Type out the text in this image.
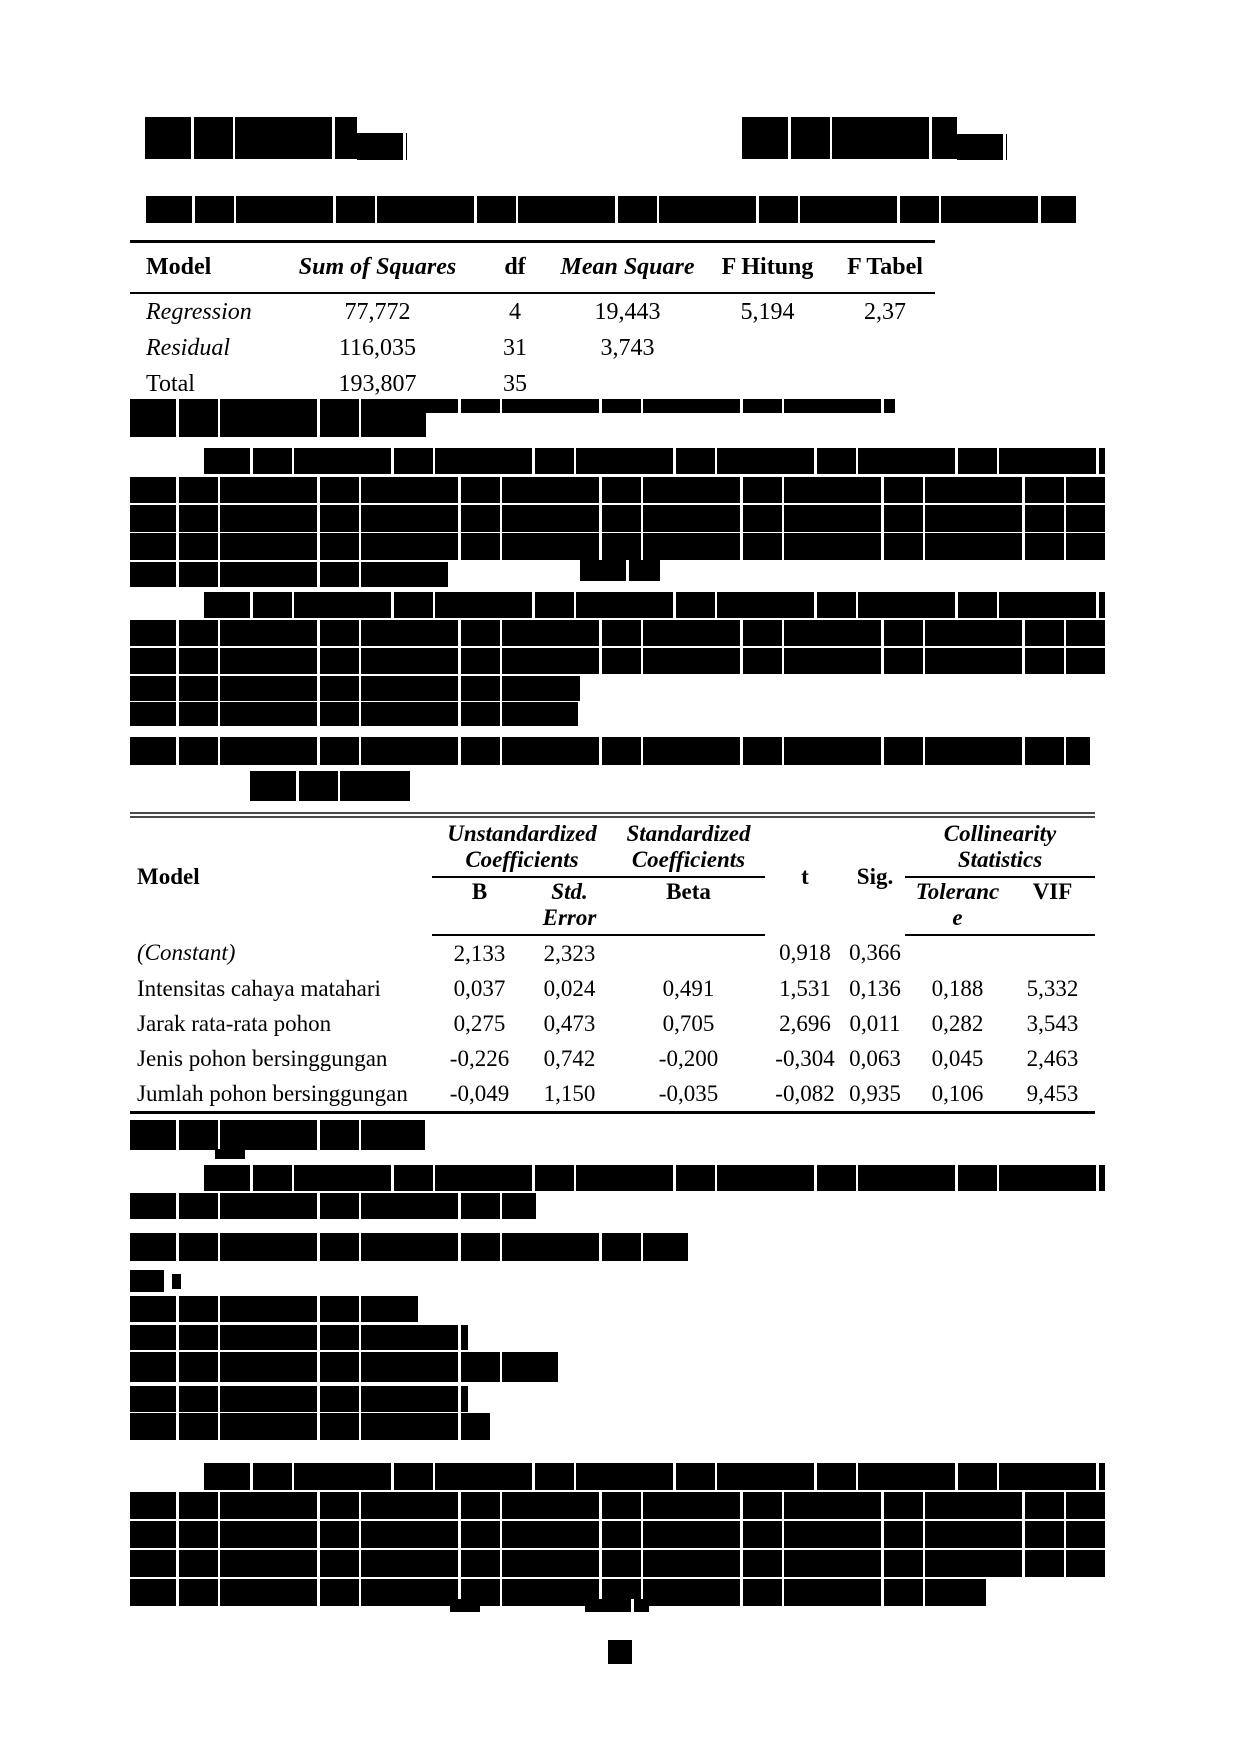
Model	Sum of Squares	df	Mean Square	F Hitung	F Tabel
Regression	77,772	4	19,443	5,194	2,37
Residual	116,035	31	3,743		
Total	193,807	35			
Model	Unstandardized Coefficients		Standardized Coefficients	t	Sig.	Collinearity Statistics	
	B	Std. Error	Beta			Toleranc e	VIF
(Constant)	2,133	2,323		0,918	0,366		
Intensitas cahaya matahari	0,037	0,024	0,491	1,531	0,136	0,188	5,332
Jarak rata-rata pohon	0,275	0,473	0,705	2,696	0,011	0,282	3,543
Jenis pohon bersinggungan	-0,226	0,742	-0,200	-0,304	0,063	0,045	2,463
Jumlah pohon bersinggungan	-0,049	1,150	-0,035	-0,082	0,935	0,106	9,453
